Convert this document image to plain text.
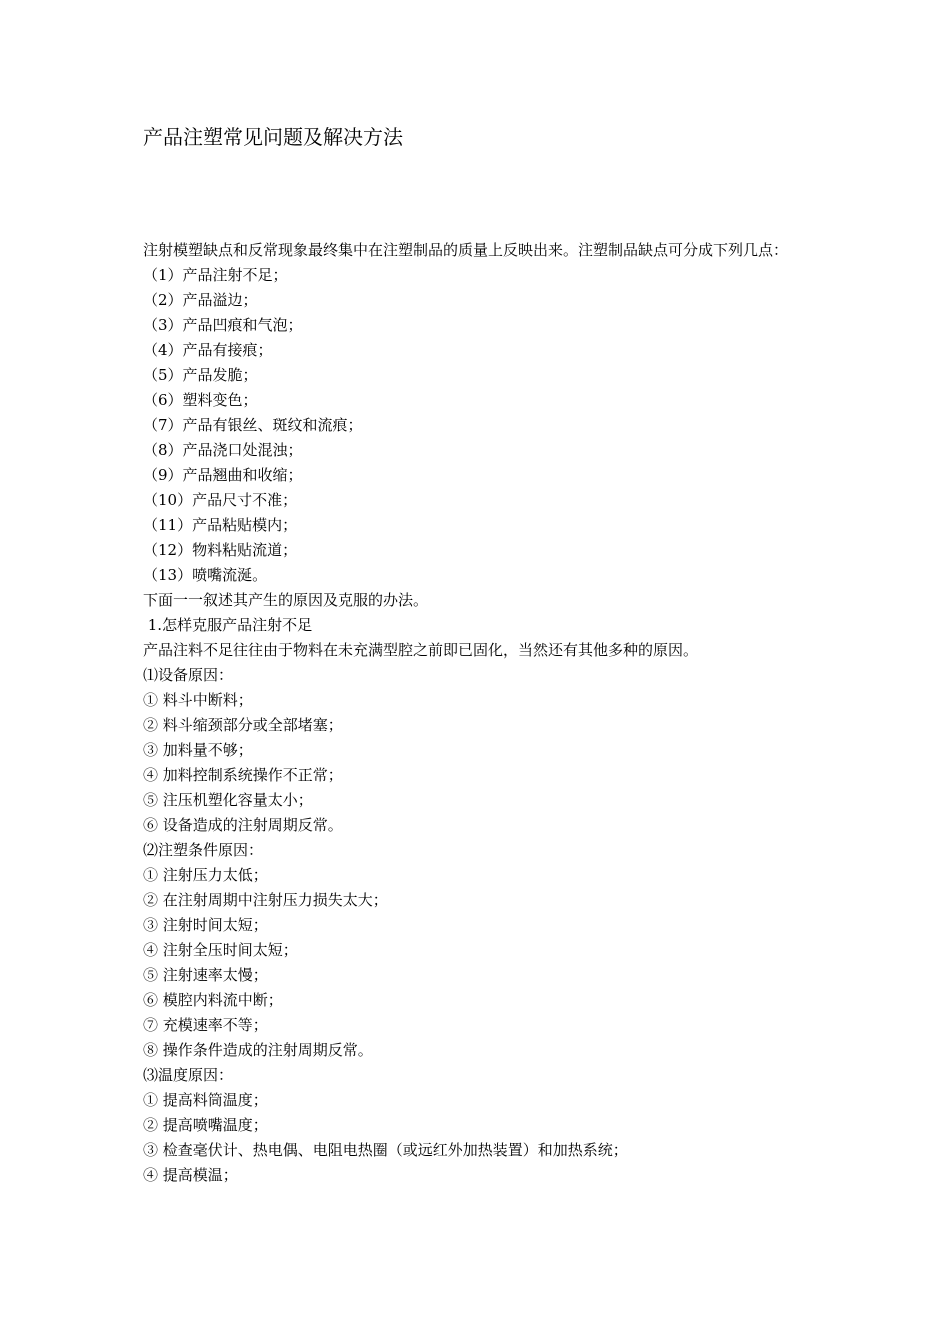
产品注塑常见问题及解决方法
注射模塑缺点和反常现象最终集中在注塑制品的质量上反映出来。注塑制品缺点可分成下列几点：
（1）产品注射不足；
（2）产品溢边；
（3）产品凹痕和气泡；
（4）产品有接痕；
（5）产品发脆；
（6）塑料变色；
（7）产品有银丝、斑纹和流痕；
（8）产品浇口处混浊；
（9）产品翘曲和收缩；
（10）产品尺寸不准；
（11）产品粘贴模内；
（12）物料粘贴流道；
（13）喷嘴流涎。
下面一一叙述其产生的原因及克服的办法。
1.怎样克服产品注射不足
产品注料不足往往由于物料在未充满型腔之前即已固化，当然还有其他多种的原因。
⑴设备原因：
① 料斗中断料；
② 料斗缩颈部分或全部堵塞；
③ 加料量不够；
④ 加料控制系统操作不正常；
⑤ 注压机塑化容量太小；
⑥ 设备造成的注射周期反常。
⑵注塑条件原因：
① 注射压力太低；
② 在注射周期中注射压力损失太大；
③ 注射时间太短；
④ 注射全压时间太短；
⑤ 注射速率太慢；
⑥ 模腔内料流中断；
⑦ 充模速率不等；
⑧ 操作条件造成的注射周期反常。
⑶温度原因：
① 提高料筒温度；
② 提高喷嘴温度；
③ 检查毫伏计、热电偶、电阻电热圈（或远红外加热装置）和加热系统；
④ 提高模温；
